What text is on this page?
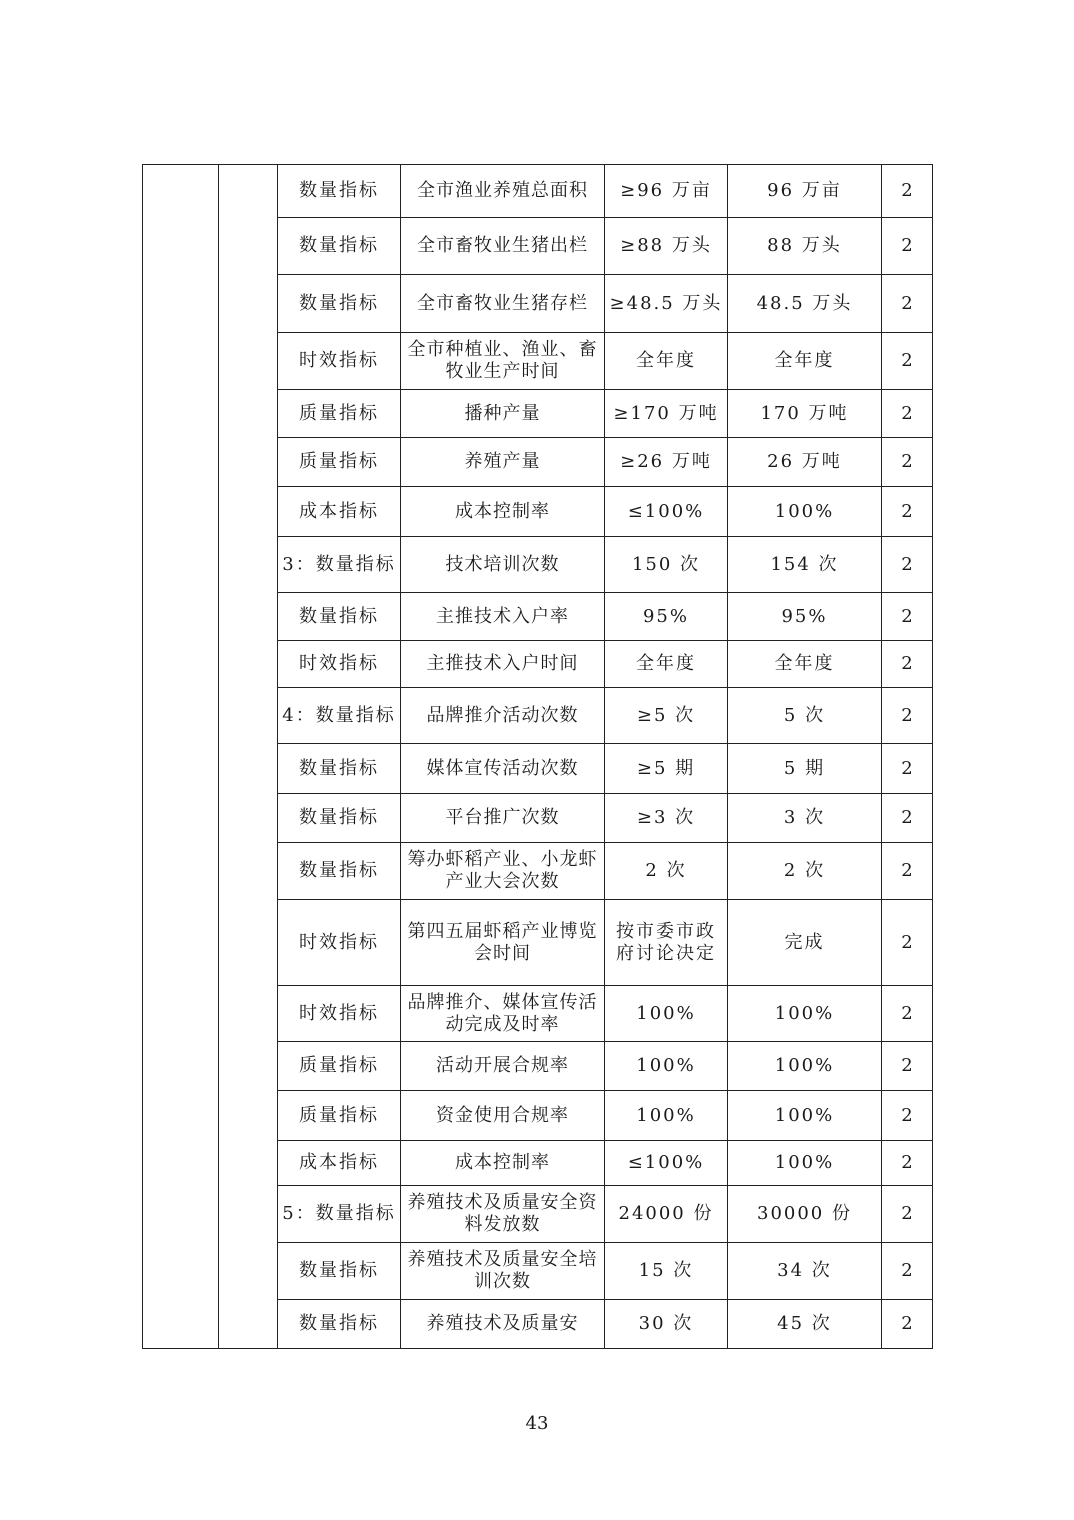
		数量指标	全市渔业养殖总面积	≥96 万亩	96 万亩	2
		数量指标	全市畜牧业生猪出栏	≥88 万头	88 万头	2
		数量指标	全市畜牧业生猪存栏	≥48.5 万头	48.5 万头	2
		时效指标	全市种植业、渔业、畜牧业生产时间	全年度	全年度	2
		质量指标	播种产量	≥170 万吨	170 万吨	2
		质量指标	养殖产量	≥26 万吨	26 万吨	2
		成本指标	成本控制率	≤100%	100%	2
		3：数量指标	技术培训次数	150 次	154 次	2
		数量指标	主推技术入户率	95%	95%	2
		时效指标	主推技术入户时间	全年度	全年度	2
		4：数量指标	品牌推介活动次数	≥5 次	5 次	2
		数量指标	媒体宣传活动次数	≥5 期	5 期	2
		数量指标	平台推广次数	≥3 次	3 次	2
		数量指标	筹办虾稻产业、小龙虾产业大会次数	2 次	2 次	2
		时效指标	第四五届虾稻产业博览会时间	按市委市政府讨论决定	完成	2
		时效指标	品牌推介、媒体宣传活动完成及时率	100%	100%	2
		质量指标	活动开展合规率	100%	100%	2
		质量指标	资金使用合规率	100%	100%	2
		成本指标	成本控制率	≤100%	100%	2
		5：数量指标	养殖技术及质量安全资料发放数	24000 份	30000 份	2
		数量指标	养殖技术及质量安全培训次数	15 次	34 次	2
		数量指标	养殖技术及质量安	30 次	45 次	2
43
